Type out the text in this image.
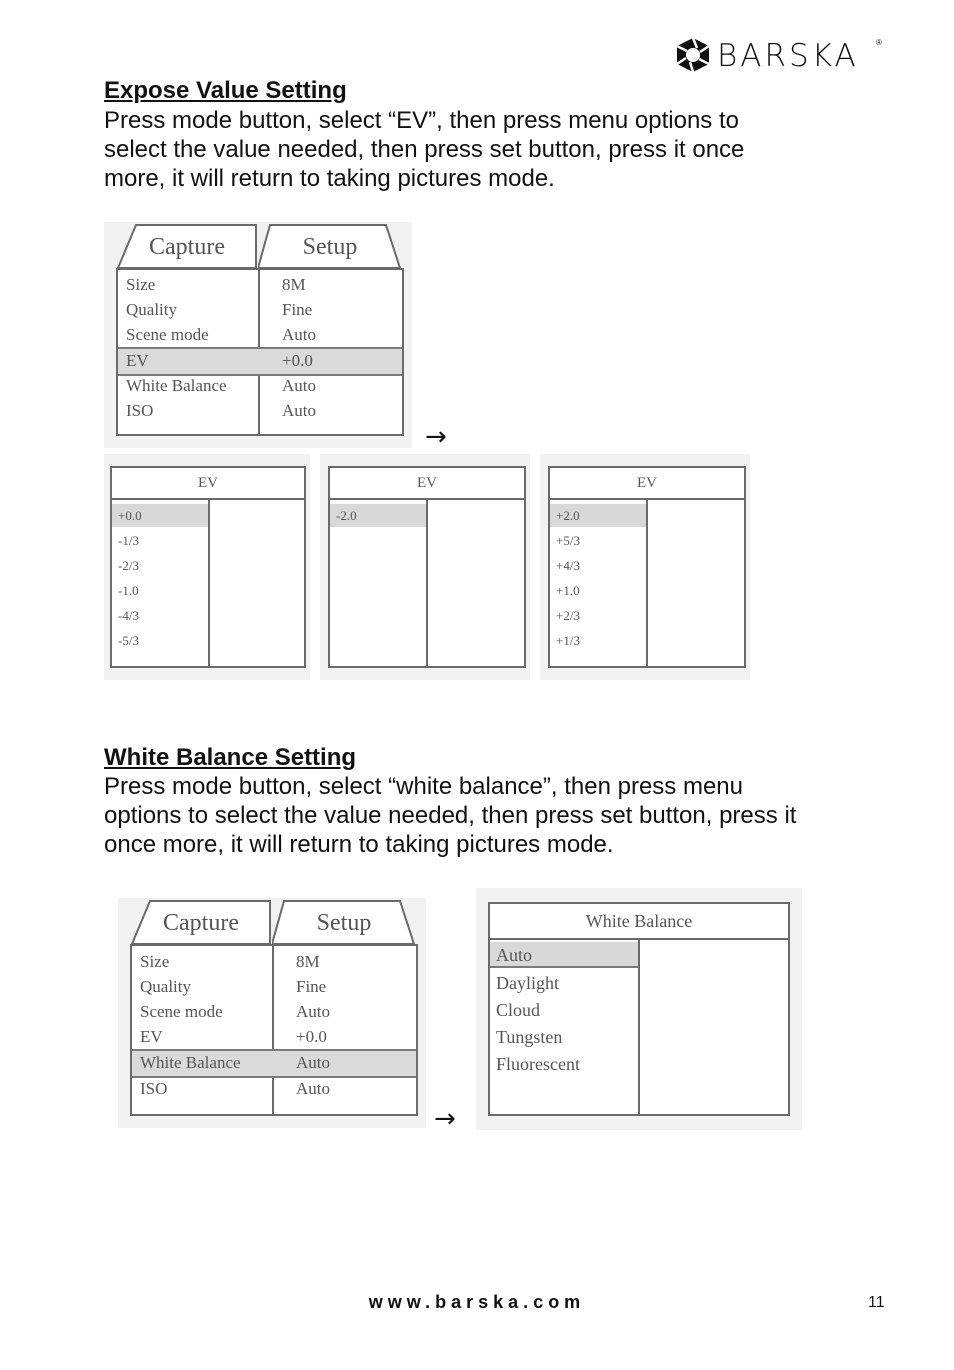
BARSKA ®
Expose Value Setting
Press mode button, select “EV”, then press menu options to
select the value needed, then press set button, press it once
more, it will return to taking pictures mode.
Capture	Setup
Size	8M
Quality	Fine
Scene mode	Auto
EV	+0.0
White Balance	Auto
ISO	Auto
→
EV
+0.0
-1/3
-2/3
-1.0
-4/3
-5/3
EV
-2.0
EV
+2.0
+5/3
+4/3
+1.0
+2/3
+1/3
White Balance Setting
Press mode button, select “white balance”, then press menu
options to select the value needed, then press set button, press it
once more, it will return to taking pictures mode.
Capture	Setup
Size	8M
Quality	Fine
Scene mode	Auto
EV	+0.0
White Balance	Auto
ISO	Auto
→
White Balance
Auto
Daylight
Cloud
Tungsten
Fluorescent
www.barska.com	11
